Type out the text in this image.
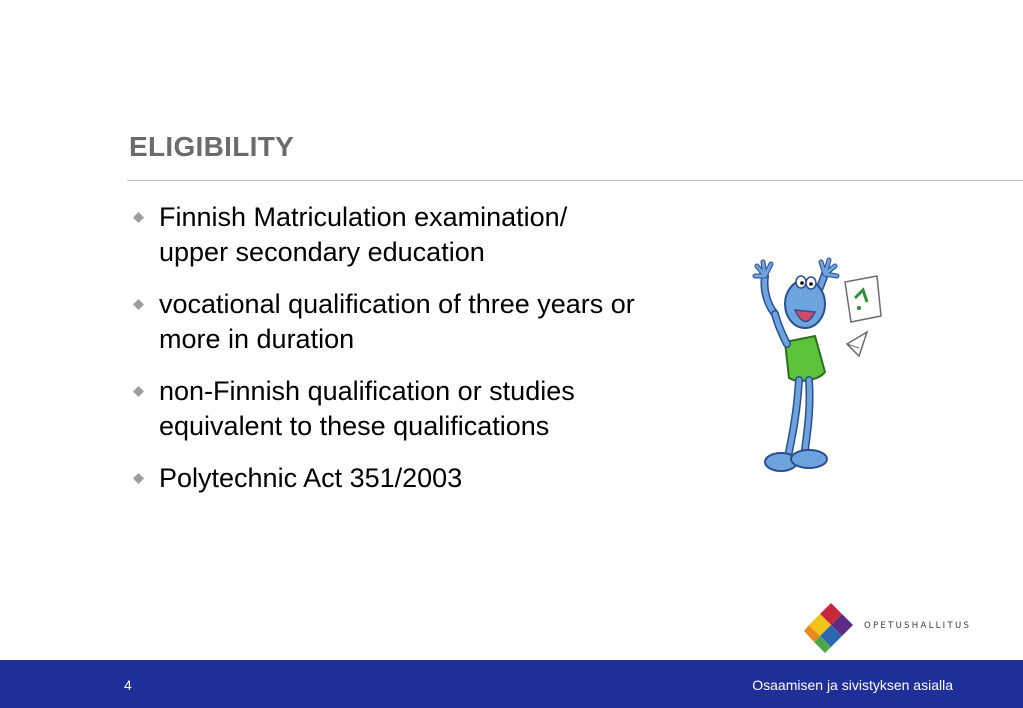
ELIGIBILITY
Finnish Matriculation examination/
upper secondary education
vocational qualification of three years or
more in duration
non-Finnish qualification or studies
equivalent to these qualifications
Polytechnic Act 351/2003
OPETUSHALLITUS
4	Osaamisen ja sivistyksen asialla
